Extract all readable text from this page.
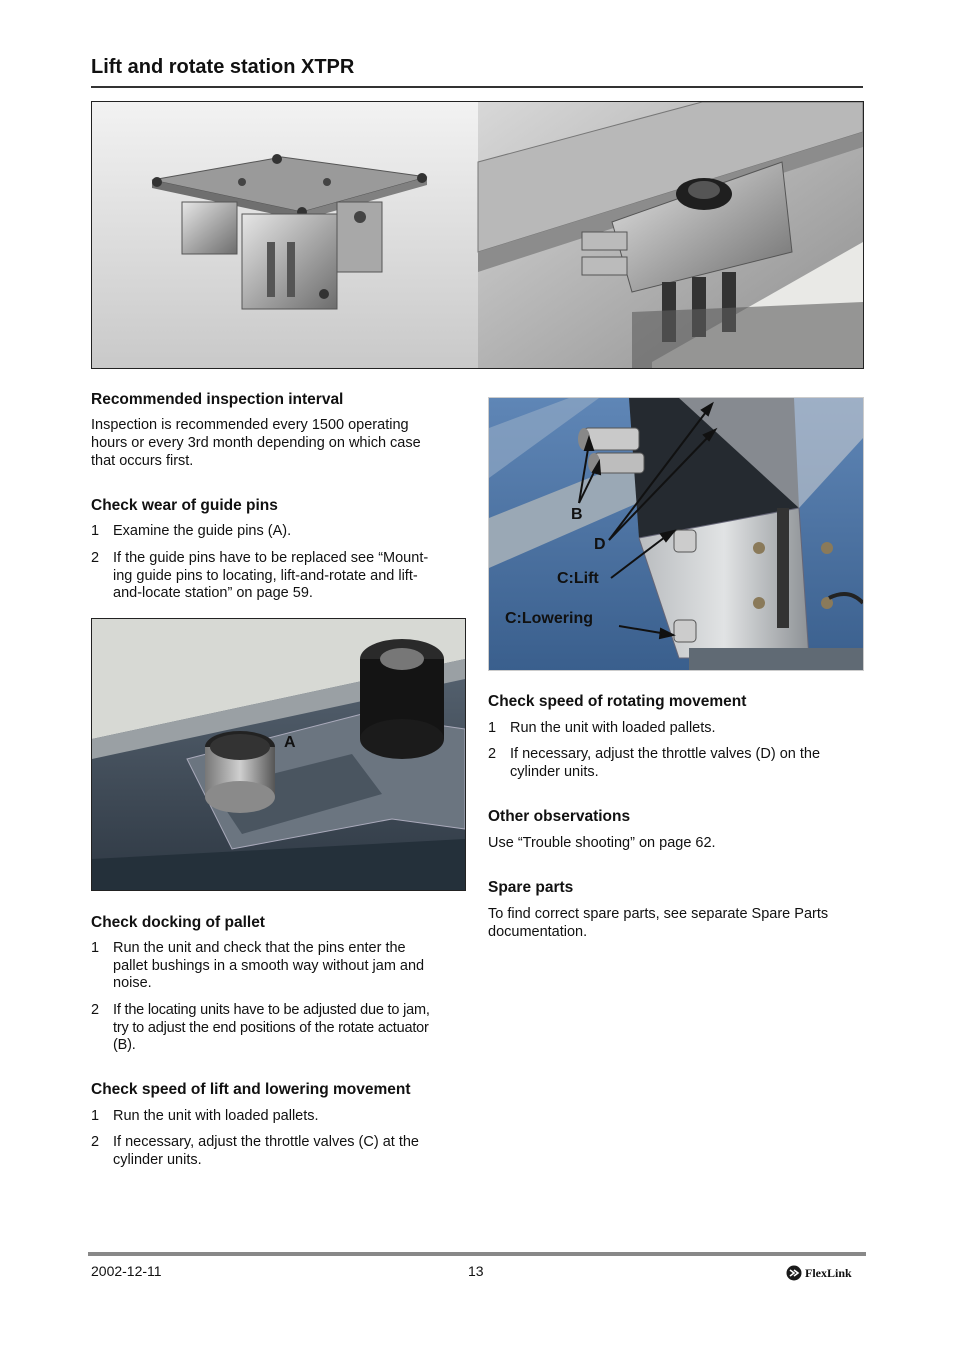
Lift and rotate station XTPR
Recommended inspection interval
Inspection is recommended every 1500 operating
hours or every 3rd month depending on which case
that occurs first.
Check wear of guide pins
1 Examine the guide pins (A).
2 If the guide pins have to be replaced see “Mount-
ing guide pins to locating, lift-and-rotate and lift-
and-locate station” on page 59.
A
Check docking of pallet
1 Run the unit and check that the pins enter the
pallet bushings in a smooth way without jam and
noise.
2 If the locating units have to be adjusted due to jam,
try to adjust the end positions of the rotate actuator
(B).
Check speed of lift and lowering movement
1 Run the unit with loaded pallets.
2 If necessary, adjust the throttle valves (C) at the
cylinder units.
B
D
C:Lift
C:Lowering
Check speed of rotating movement
1 Run the unit with loaded pallets.
2 If necessary, adjust the throttle valves (D) on the
cylinder units.
Other observations
Use “Trouble shooting” on page 62.
Spare parts
To find correct spare parts, see separate Spare Parts
documentation.
2002-12-11	13	FlexLink
